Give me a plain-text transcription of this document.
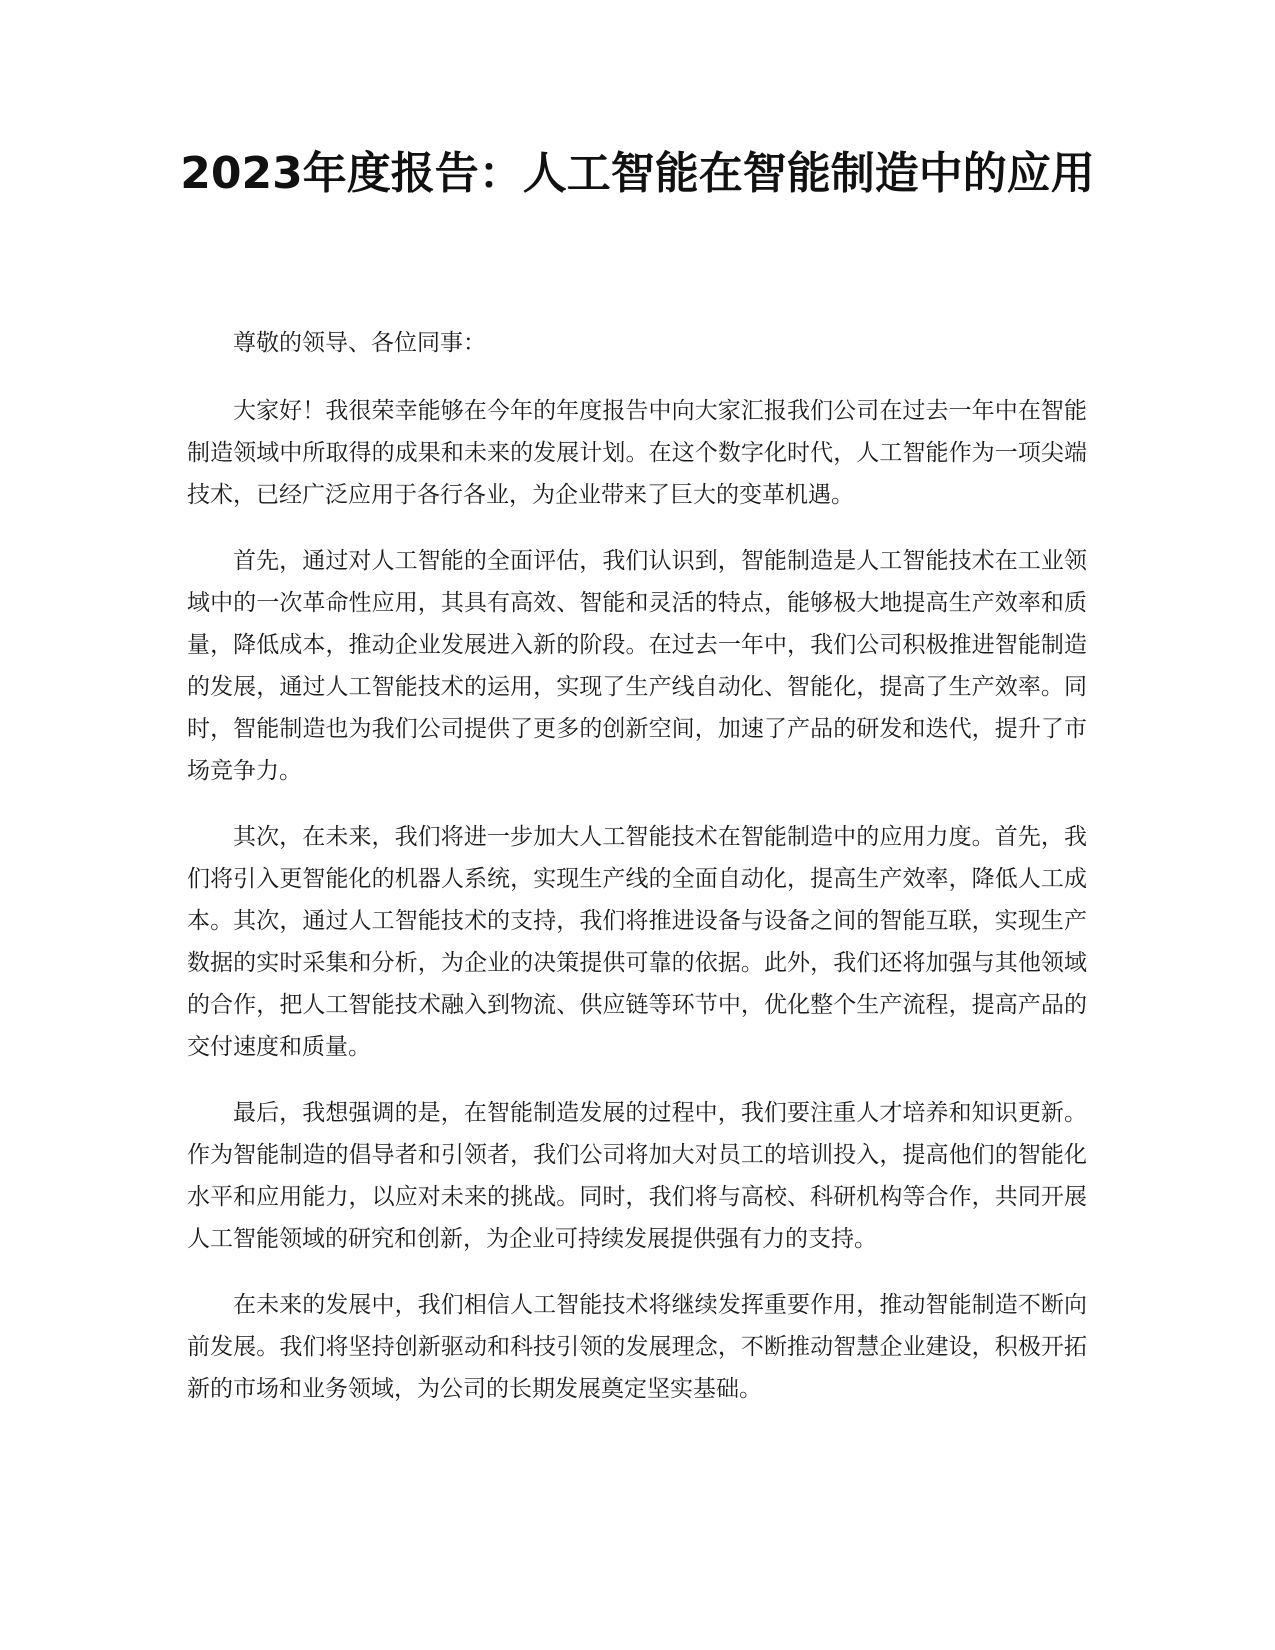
2023年度报告：人工智能在智能制造中的应用

尊敬的领导、各位同事：

大家好！我很荣幸能够在今年的年度报告中向大家汇报我们公司在过去一年中在智能制造领域中所取得的成果和未来的发展计划。在这个数字化时代，人工智能作为一项尖端技术，已经广泛应用于各行各业，为企业带来了巨大的变革机遇。

首先，通过对人工智能的全面评估，我们认识到，智能制造是人工智能技术在工业领域中的一次革命性应用，其具有高效、智能和灵活的特点，能够极大地提高生产效率和质量，降低成本，推动企业发展进入新的阶段。在过去一年中，我们公司积极推进智能制造的发展，通过人工智能技术的运用，实现了生产线自动化、智能化，提高了生产效率。同时，智能制造也为我们公司提供了更多的创新空间，加速了产品的研发和迭代，提升了市场竞争力。

其次，在未来，我们将进一步加大人工智能技术在智能制造中的应用力度。首先，我们将引入更智能化的机器人系统，实现生产线的全面自动化，提高生产效率，降低人工成本。其次，通过人工智能技术的支持，我们将推进设备与设备之间的智能互联，实现生产数据的实时采集和分析，为企业的决策提供可靠的依据。此外，我们还将加强与其他领域的合作，把人工智能技术融入到物流、供应链等环节中，优化整个生产流程，提高产品的交付速度和质量。

最后，我想强调的是，在智能制造发展的过程中，我们要注重人才培养和知识更新。作为智能制造的倡导者和引领者，我们公司将加大对员工的培训投入，提高他们的智能化水平和应用能力，以应对未来的挑战。同时，我们将与高校、科研机构等合作，共同开展人工智能领域的研究和创新，为企业可持续发展提供强有力的支持。

在未来的发展中，我们相信人工智能技术将继续发挥重要作用，推动智能制造不断向前发展。我们将坚持创新驱动和科技引领的发展理念，不断推动智慧企业建设，积极开拓新的市场和业务领域，为公司的长期发展奠定坚实基础。
